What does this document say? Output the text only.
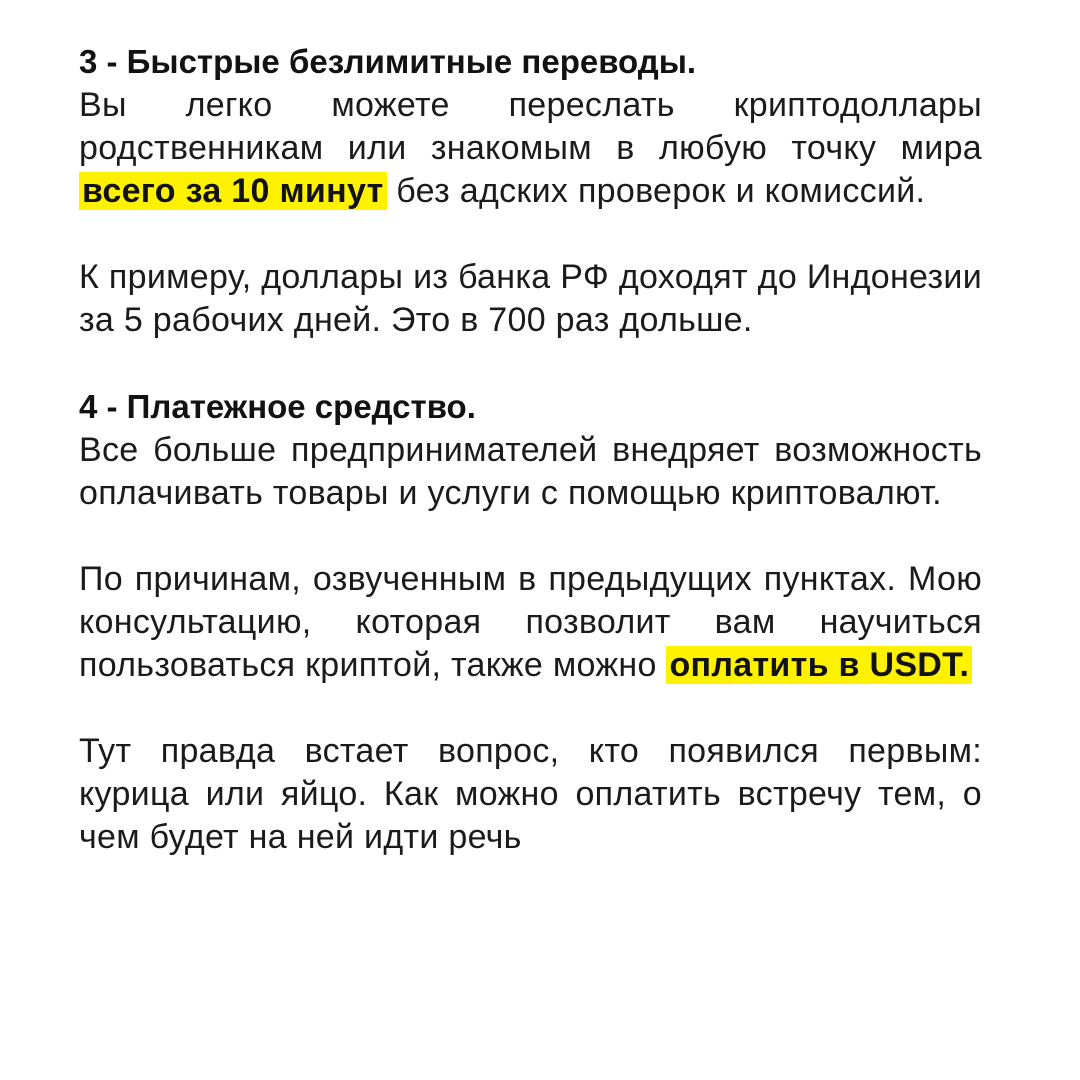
3 - Быстрые безлимитные переводы.

Вы легко можете переслать криптодоллары родственникам или знакомым в любую точку мира всего за 10 минут без адских проверок и комиссий.

К примеру, доллары из банка РФ доходят до Индонезии за 5 рабочих дней. Это в 700 раз дольше.

4 - Платежное средство.

Все больше предпринимателей внедряет возможность оплачивать товары и услуги с помощью криптовалют.

По причинам, озвученным в предыдущих пунктах. Мою консультацию, которая позволит вам научиться пользоваться криптой, также можно оплатить в USDT.

Тут правда встает вопрос, кто появился первым: курица или яйцо. Как можно оплатить встречу тем, о чем будет на ней идти речь
